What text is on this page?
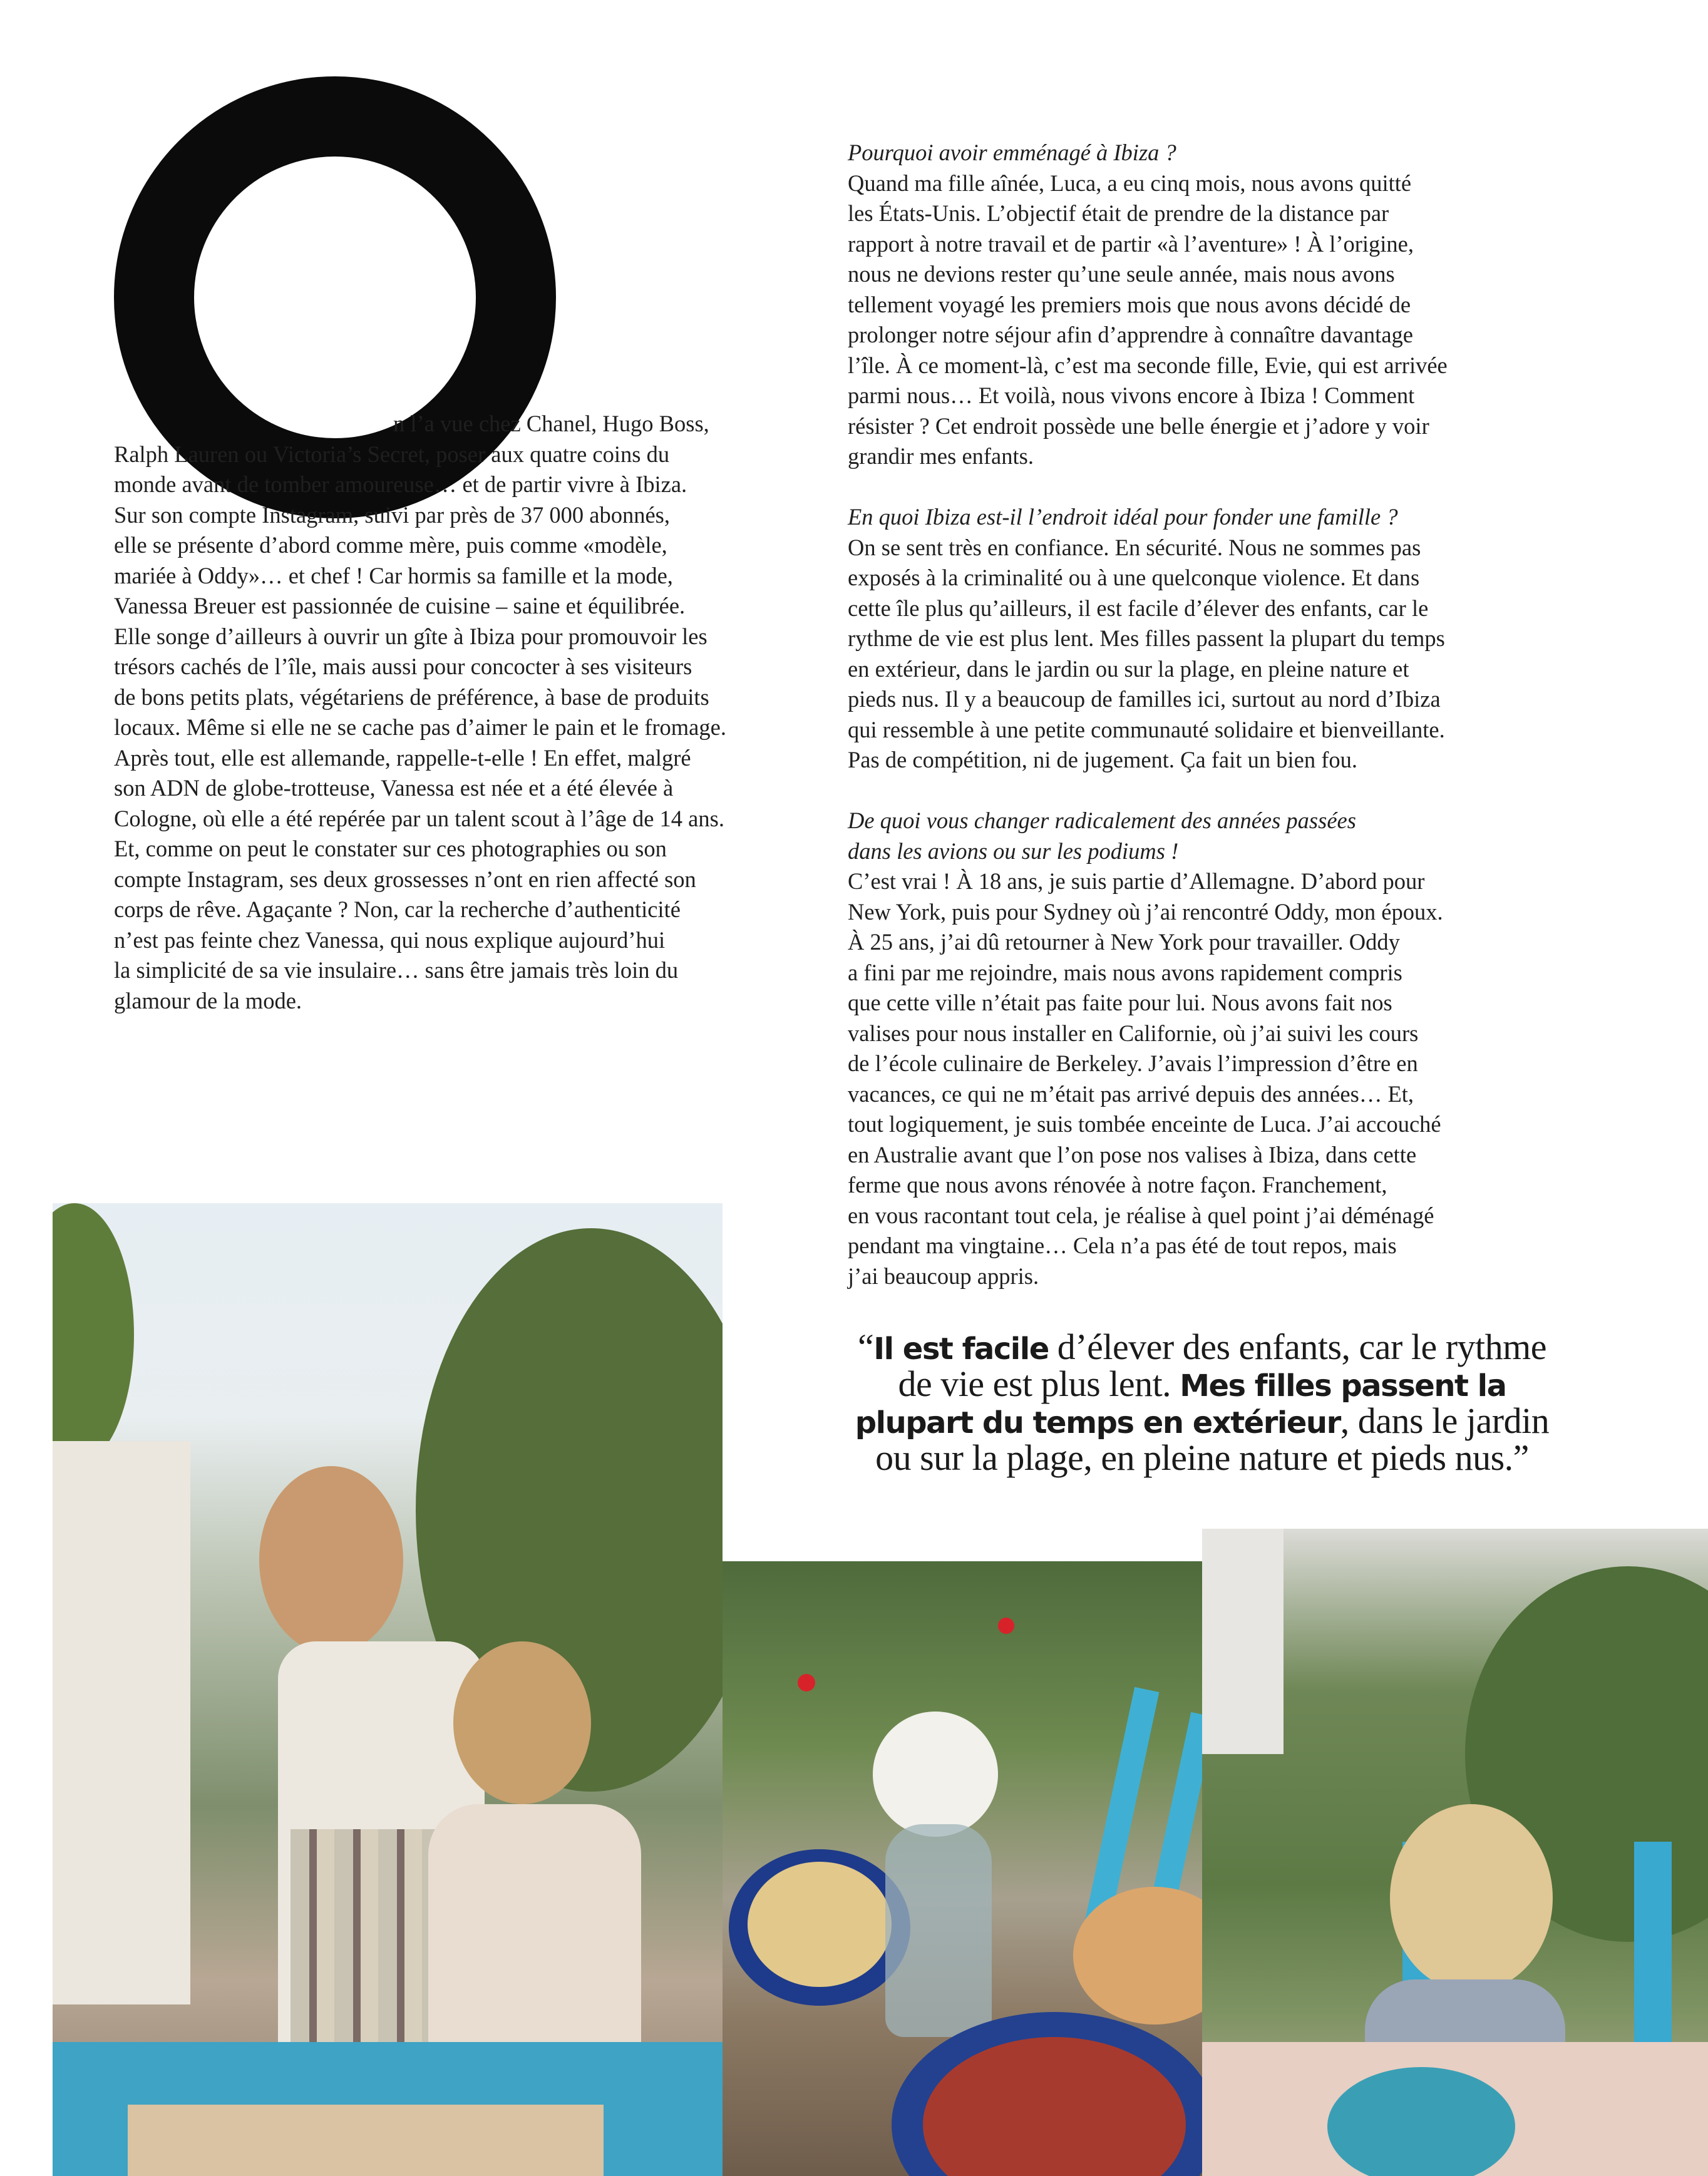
n l’a vue chez Chanel, Hugo Boss,

Ralph Lauren ou Victoria’s Secret, poser aux quatre coins du

monde avant de tomber amoureuse… et de partir vivre à Ibiza.

Sur son compte Instagram, suivi par près de 37 000 abonnés,

elle se présente d’abord comme mère, puis comme «modèle,

mariée à Oddy»… et chef ! Car hormis sa famille et la mode,

Vanessa Breuer est passionnée de cuisine – saine et équilibrée.

Elle songe d’ailleurs à ouvrir un gîte à Ibiza pour promouvoir les

trésors cachés de l’île, mais aussi pour concocter à ses visiteurs

de bons petits plats, végétariens de préférence, à base de produits

locaux. Même si elle ne se cache pas d’aimer le pain et le fromage.

Après tout, elle est allemande, rappelle-t-elle ! En effet, malgré

son ADN de globe-trotteuse, Vanessa est née et a été élevée à

Cologne, où elle a été repérée par un talent scout à l’âge de 14 ans.

Et, comme on peut le constater sur ces photographies ou son

compte Instagram, ses deux grossesses n’ont en rien affecté son

corps de rêve. Agaçante ? Non, car la recherche d’authenticité

n’est pas feinte chez Vanessa, qui nous explique aujourd’hui

la simplicité de sa vie insulaire… sans être jamais très loin du

glamour de la mode.

Pourquoi avoir emménagé à Ibiza ?

Quand ma fille aînée, Luca, a eu cinq mois, nous avons quitté

les États-Unis. L’objectif était de prendre de la distance par

rapport à notre travail et de partir «à l’aventure» ! À l’origine,

nous ne devions rester qu’une seule année, mais nous avons

tellement voyagé les premiers mois que nous avons décidé de

prolonger notre séjour afin d’apprendre à connaître davantage

l’île. À ce moment-là, c’est ma seconde fille, Evie, qui est arrivée

parmi nous… Et voilà, nous vivons encore à Ibiza ! Comment

résister ? Cet endroit possède une belle énergie et j’adore y voir

grandir mes enfants.

En quoi Ibiza est-il l’endroit idéal pour fonder une famille ?

On se sent très en confiance. En sécurité. Nous ne sommes pas

exposés à la criminalité ou à une quelconque violence. Et dans

cette île plus qu’ailleurs, il est facile d’élever des enfants, car le

rythme de vie est plus lent. Mes filles passent la plupart du temps

en extérieur, dans le jardin ou sur la plage, en pleine nature et

pieds nus. Il y a beaucoup de familles ici, surtout au nord d’Ibiza

qui ressemble à une petite communauté solidaire et bienveillante.

Pas de compétition, ni de jugement. Ça fait un bien fou.

De quoi vous changer radicalement des années passées

dans les avions ou sur les podiums !

C’est vrai ! À 18 ans, je suis partie d’Allemagne. D’abord pour

New York, puis pour Sydney où j’ai rencontré Oddy, mon époux.

À 25 ans, j’ai dû retourner à New York pour travailler. Oddy

a fini par me rejoindre, mais nous avons rapidement compris

que cette ville n’était pas faite pour lui. Nous avons fait nos

valises pour nous installer en Californie, où j’ai suivi les cours

de l’école culinaire de Berkeley. J’avais l’impression d’être en

vacances, ce qui ne m’était pas arrivé depuis des années… Et,

tout logiquement, je suis tombée enceinte de Luca. J’ai accouché

en Australie avant que l’on pose nos valises à Ibiza, dans cette

ferme que nous avons rénovée à notre façon. Franchement,

en vous racontant tout cela, je réalise à quel point j’ai déménagé

pendant ma vingtaine… Cela n’a pas été de tout repos, mais

j’ai beaucoup appris.

“Il est facile d’élever des enfants, car le rythme

de vie est plus lent. Mes filles passent la

plupart du temps en extérieur, dans le jardin

ou sur la plage, en pleine nature et pieds nus.”
